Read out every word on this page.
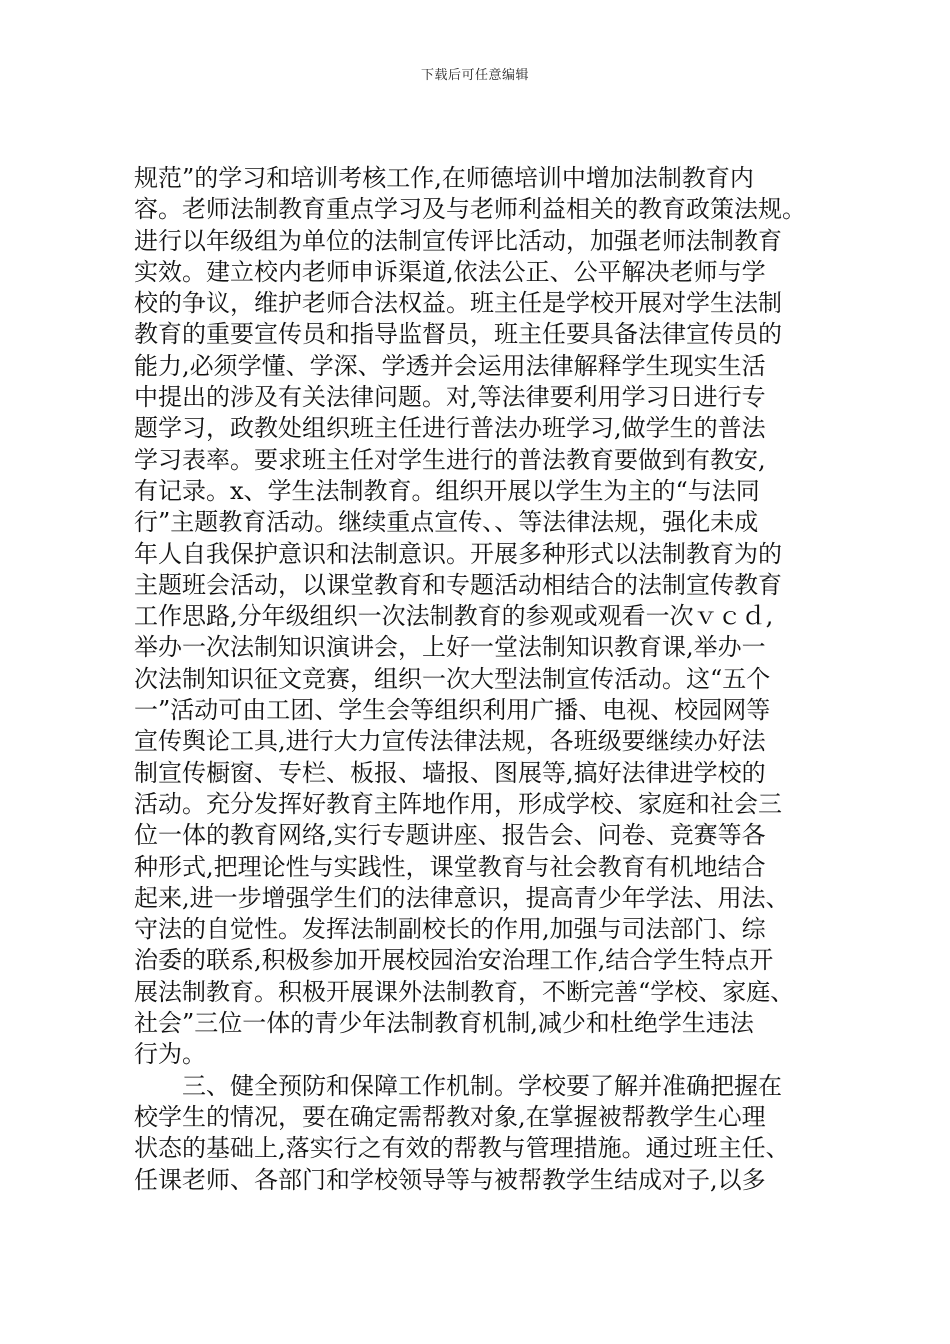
下载后可任意编辑
规范”的学习和培训考核工作,在师德培训中增加法制教育内
容。老师法制教育重点学习及与老师利益相关的教育政策法规。
进行以年级组为单位的法制宣传评比活动，加强老师法制教育
实效。建立校内老师申诉渠道,依法公正、公平解决老师与学
校的争议，维护老师合法权益。班主任是学校开展对学生法制
教育的重要宣传员和指导监督员，班主任要具备法律宣传员的
能力,必须学懂、学深、学透并会运用法律解释学生现实生活
中提出的涉及有关法律问题。对,等法律要利用学习日进行专
题学习，政教处组织班主任进行普法办班学习,做学生的普法
学习表率。要求班主任对学生进行的普法教育要做到有教安,
有记录。x、学生法制教育。组织开展以学生为主的“与法同
行”主题教育活动。继续重点宣传、、等法律法规，强化未成
年人自我保护意识和法制意识。开展多种形式以法制教育为的
主题班会活动，以课堂教育和专题活动相结合的法制宣传教育
工作思路,分年级组织一次法制教育的参观或观看一次ｖｃｄ,
举办一次法制知识演讲会，上好一堂法制知识教育课,举办一
次法制知识征文竞赛，组织一次大型法制宣传活动。这“五个
一”活动可由工团、学生会等组织利用广播、电视、校园网等
宣传舆论工具,进行大力宣传法律法规，各班级要继续办好法
制宣传橱窗、专栏、板报、墙报、图展等,搞好法律进学校的
活动。充分发挥好教育主阵地作用，形成学校、家庭和社会三
位一体的教育网络,实行专题讲座、报告会、问卷、竞赛等各
种形式,把理论性与实践性，课堂教育与社会教育有机地结合
起来,进一步增强学生们的法律意识，提高青少年学法、用法、
守法的自觉性。发挥法制副校长的作用,加强与司法部门、综
治委的联系,积极参加开展校园治安治理工作,结合学生特点开
展法制教育。积极开展课外法制教育，不断完善“学校、家庭、
社会”三位一体的青少年法制教育机制,减少和杜绝学生违法
行为。
三、健全预防和保障工作机制。学校要了解并准确把握在
校学生的情况，要在确定需帮教对象,在掌握被帮教学生心理
状态的基础上,落实行之有效的帮教与管理措施。通过班主任、
任课老师、各部门和学校领导等与被帮教学生结成对子,以多
